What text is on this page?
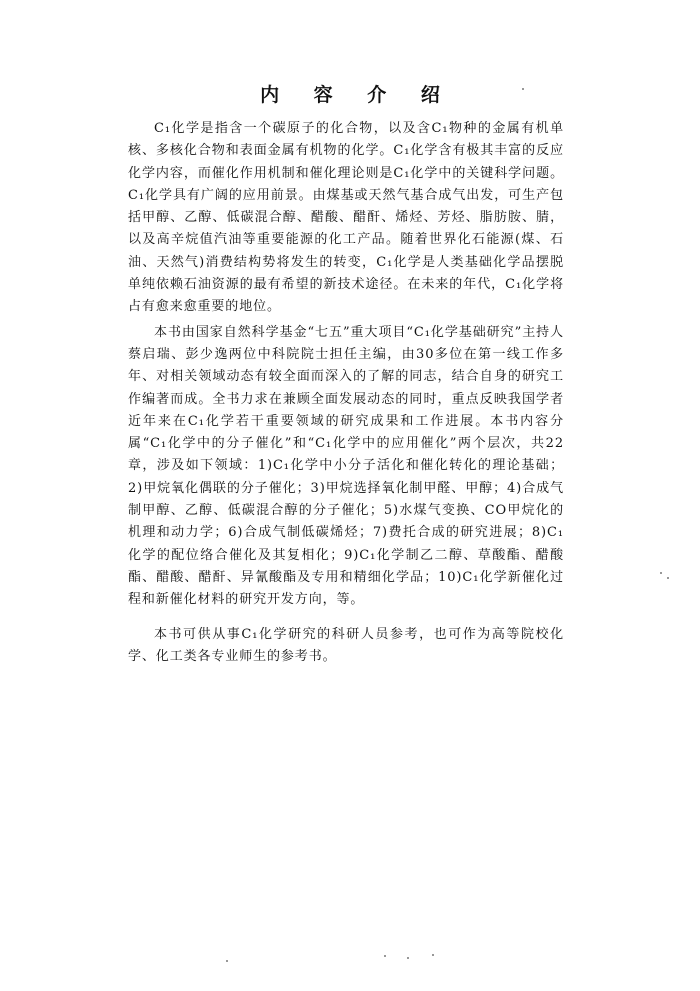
内 容 介 绍

C₁化学是指含一个碳原子的化合物，以及含C₁物种的金属有机单核、多核化合物和表面金属有机物的化学。C₁化学含有极其丰富的反应化学内容，而催化作用机制和催化理论则是C₁化学中的关键科学问题。C₁化学具有广阔的应用前景。由煤基或天然气基合成气出发，可生产包括甲醇、乙醇、低碳混合醇、醋酸、醋酐、烯烃、芳烃、脂肪胺、腈，以及高辛烷值汽油等重要能源的化工产品。随着世界化石能源(煤、石油、天然气)消费结构势将发生的转变，C₁化学是人类基础化学品摆脱单纯依赖石油资源的最有希望的新技术途径。在未来的年代，C₁化学将占有愈来愈重要的地位。

本书由国家自然科学基金“七五”重大项目“C₁化学基础研究”主持人蔡启瑞、彭少逸两位中科院院士担任主编，由30多位在第一线工作多年、对相关领域动态有较全面而深入的了解的同志，结合自身的研究工作编著而成。全书力求在兼顾全面发展动态的同时，重点反映我国学者近年来在C₁化学若干重要领域的研究成果和工作进展。本书内容分属“C₁化学中的分子催化”和“C₁化学中的应用催化”两个层次，共22章，涉及如下领域：1)C₁化学中小分子活化和催化转化的理论基础；2)甲烷氧化偶联的分子催化；3)甲烷选择氧化制甲醛、甲醇；4)合成气制甲醇、乙醇、低碳混合醇的分子催化；5)水煤气变换、CO甲烷化的机理和动力学；6)合成气制低碳烯烃；7)费托合成的研究进展；8)C₁化学的配位络合催化及其复相化；9)C₁化学制乙二醇、草酸酯、醋酸酯、醋酸、醋酐、异氰酸酯及专用和精细化学品；10)C₁化学新催化过程和新催化材料的研究开发方向，等。

本书可供从事C₁化学研究的科研人员参考，也可作为高等院校化学、化工类各专业师生的参考书。
